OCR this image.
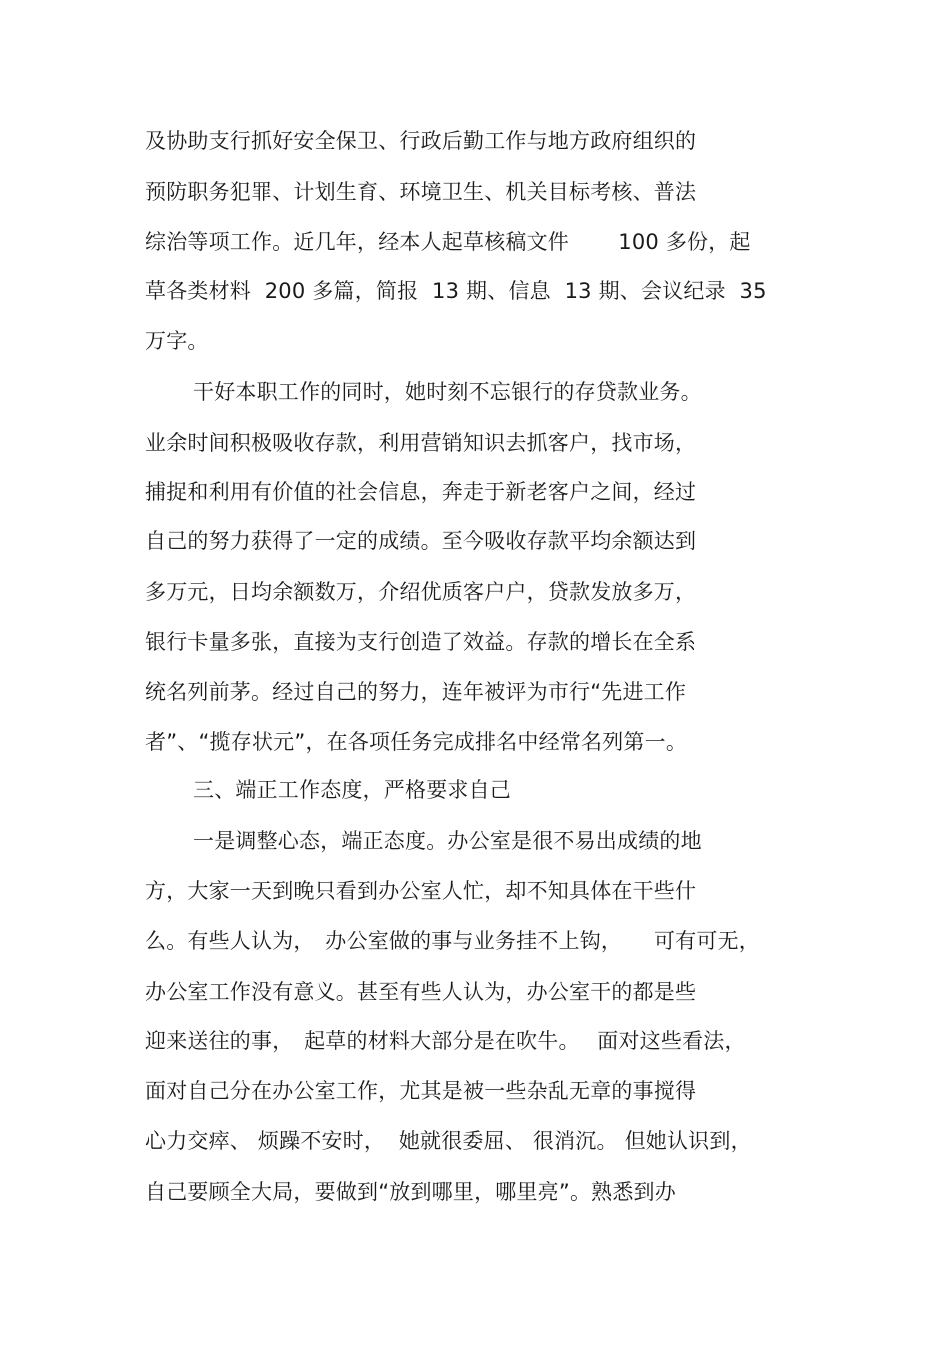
及协助支行抓好安全保卫、行政后勤工作与地方政府组织的
预防职务犯罪、计划生育、环境卫生、机关目标考核、普法
综治等项工作。近几年，经本人起草核稿文件　　 100 多份，起
草各类材料  200 多篇，简报  13 期、信息  13 期、会议纪录  35
万字。
干好本职工作的同时，她时刻不忘银行的存贷款业务。
业余时间积极吸收存款，利用营销知识去抓客户，找市场，
捕捉和利用有价值的社会信息，奔走于新老客户之间，经过
自己的努力获得了一定的成绩。至今吸收存款平均余额达到
多万元，日均余额数万，介绍优质客户户，贷款发放多万，
银行卡量多张，直接为支行创造了效益。存款的增长在全系
统名列前茅。经过自己的努力，连年被评为市行“先进工作
者”、“揽存状元”，在各项任务完成排名中经常名列第一。
三、端正工作态度，严格要求自己
一是调整心态，端正态度。办公室是很不易出成绩的地
方，大家一天到晚只看到办公室人忙，却不知具体在干些什
么。有些人认为，　办公室做的事与业务挂不上钩，　　可有可无，
办公室工作没有意义。甚至有些人认为，办公室干的都是些
迎来送往的事，　起草的材料大部分是在吹牛。　 面对这些看法，
面对自己分在办公室工作，尤其是被一些杂乱无章的事搅得
心力交瘁、 烦躁不安时，  她就很委屈、 很消沉。 但她认识到，
自己要顾全大局，要做到“放到哪里，哪里亮”。熟悉到办
